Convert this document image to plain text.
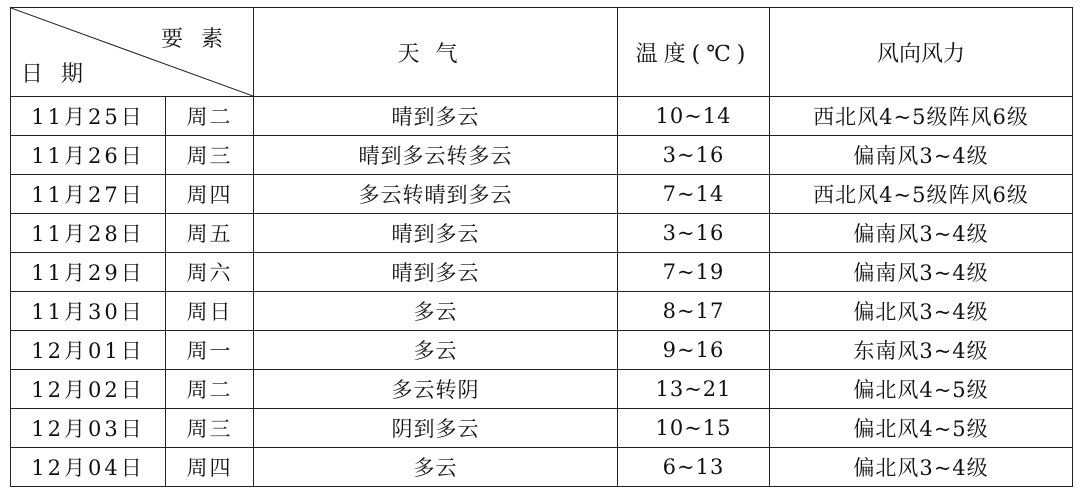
要素
日期		天气	温度(℃)	风向风力
11月25日	周二	晴到多云	10~14	西北风4~5级阵风6级
11月26日	周三	晴到多云转多云	3~16	偏南风3~4级
11月27日	周四	多云转晴到多云	7~14	西北风4~5级阵风6级
11月28日	周五	晴到多云	3~16	偏南风3~4级
11月29日	周六	晴到多云	7~19	偏南风3~4级
11月30日	周日	多云	8~17	偏北风3~4级
12月01日	周一	多云	9~16	东南风3~4级
12月02日	周二	多云转阴	13~21	偏北风4~5级
12月03日	周三	阴到多云	10~15	偏北风4~5级
12月04日	周四	多云	6~13	偏北风3~4级
